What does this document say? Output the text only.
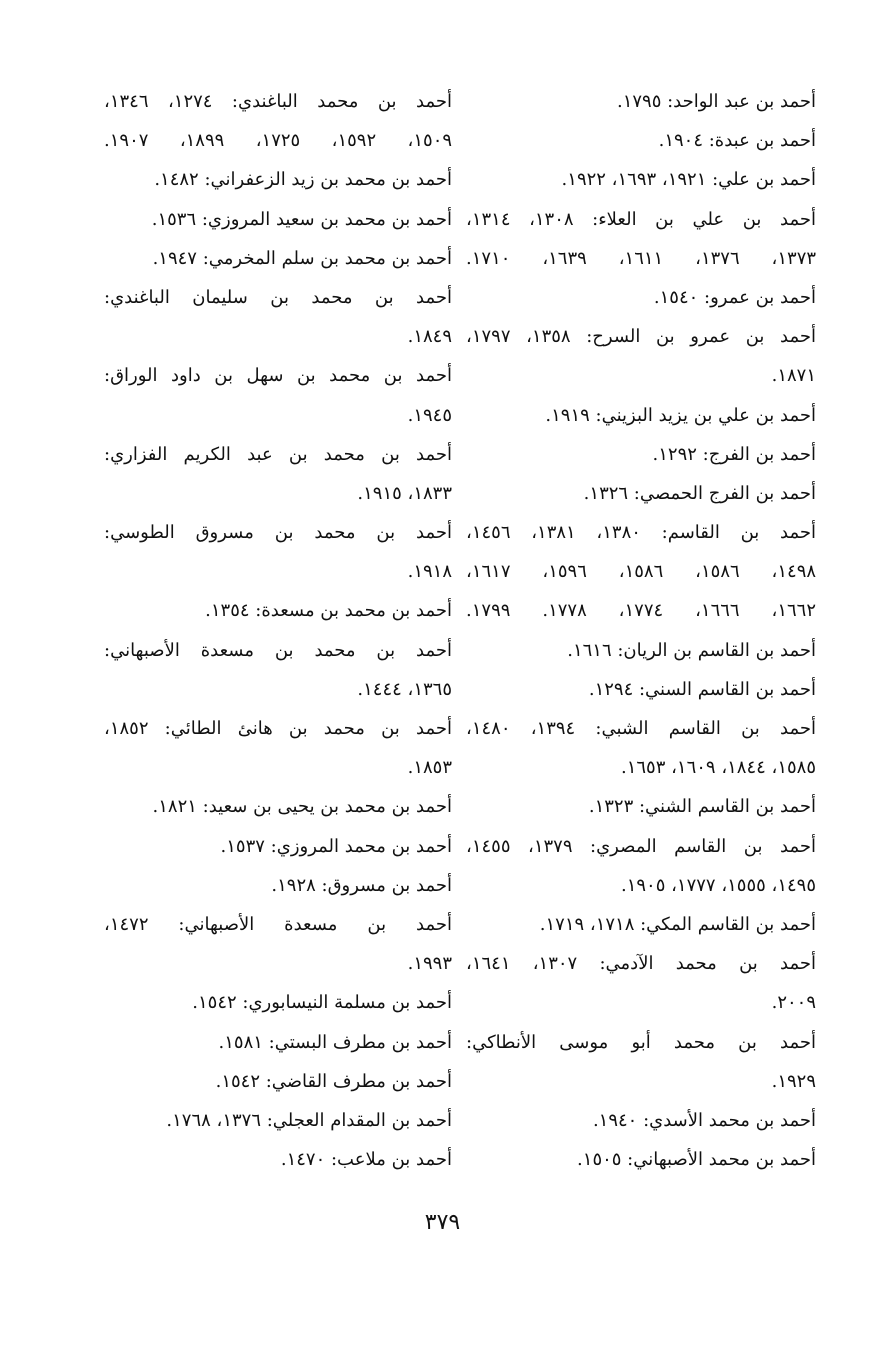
أحمد بن عبد الواحد: ١٧٩٥.
أحمد بن عبدة: ١٩٠٤.
أحمد بن علي: ١٩٢١، ١٦٩٣، ١٩٢٢.
أحمد بن علي بن العلاء: ١٣٠٨، ١٣١٤،
١٣٧٣، ١٣٧٦، ١٦١١، ١٦٣٩، ١٧١٠.
أحمد بن عمرو: ١٥٤٠.
أحمد بن عمرو بن السرح: ١٣٥٨، ١٧٩٧،
١٨٧١.
أحمد بن علي بن يزيد البزيني: ١٩١٩.
أحمد بن الفرج: ١٢٩٢.
أحمد بن الفرج الحمصي: ١٣٢٦.
أحمد بن القاسم: ١٣٨٠، ١٣٨١، ١٤٥٦،
١٤٩٨، ١٥٨٦، ١٥٨٦، ١٥٩٦، ١٦١٧،
١٦٦٢، ١٦٦٦، ١٧٧٤، ١٧٧٨. ١٧٩٩.
أحمد بن القاسم بن الريان: ١٦١٦.
أحمد بن القاسم السني: ١٢٩٤.
أحمد بن القاسم الشبي: ١٣٩٤، ١٤٨٠،
١٥٨٥، ١٨٤٤، ١٦٠٩، ١٦٥٣.
أحمد بن القاسم الشني: ١٣٢٣.
أحمد بن القاسم المصري: ١٣٧٩، ١٤٥٥،
١٤٩٥، ١٥٥٥، ١٧٧٧، ١٩٠٥.
أحمد بن القاسم المكي: ١٧١٨، ١٧١٩.
أحمد بن محمد الآدمي: ١٣٠٧، ١٦٤١،
٢٠٠٩.
أحمد بن محمد أبو موسى الأنطاكي:
١٩٢٩.
أحمد بن محمد الأسدي: ١٩٤٠.
أحمد بن محمد الأصبهاني: ١٥٠٥.
أحمد بن محمد الباغندي: ١٢٧٤، ١٣٤٦،
١٥٠٩، ١٥٩٢، ١٧٢٥، ١٨٩٩، ١٩٠٧.
أحمد بن محمد بن زيد الزعفراني: ١٤٨٢.
أحمد بن محمد بن سعيد المروزي: ١٥٣٦.
أحمد بن محمد بن سلم المخرمي: ١٩٤٧.
أحمد بن محمد بن سليمان الباغندي:
١٨٤٩.
أحمد بن محمد بن سهل بن داود الوراق:
١٩٤٥.
أحمد بن محمد بن عبد الكريم الفزاري:
١٨٣٣، ١٩١٥.
أحمد بن محمد بن مسروق الطوسي:
١٩١٨.
أحمد بن محمد بن مسعدة: ١٣٥٤.
أحمد بن محمد بن مسعدة الأصبهاني:
١٣٦٥، ١٤٤٤.
أحمد بن محمد بن هانئ الطائي: ١٨٥٢،
١٨٥٣.
أحمد بن محمد بن يحيى بن سعيد: ١٨٢١.
أحمد بن محمد المروزي: ١٥٣٧.
أحمد بن مسروق: ١٩٢٨.
أحمد بن مسعدة الأصبهاني: ١٤٧٢،
١٩٩٣.
أحمد بن مسلمة النيسابوري: ١٥٤٢.
أحمد بن مطرف البستي: ١٥٨١.
أحمد بن مطرف القاضي: ١٥٤٢.
أحمد بن المقدام العجلي: ١٣٧٦، ١٧٦٨.
أحمد بن ملاعب: ١٤٧٠.
٣٧٩
